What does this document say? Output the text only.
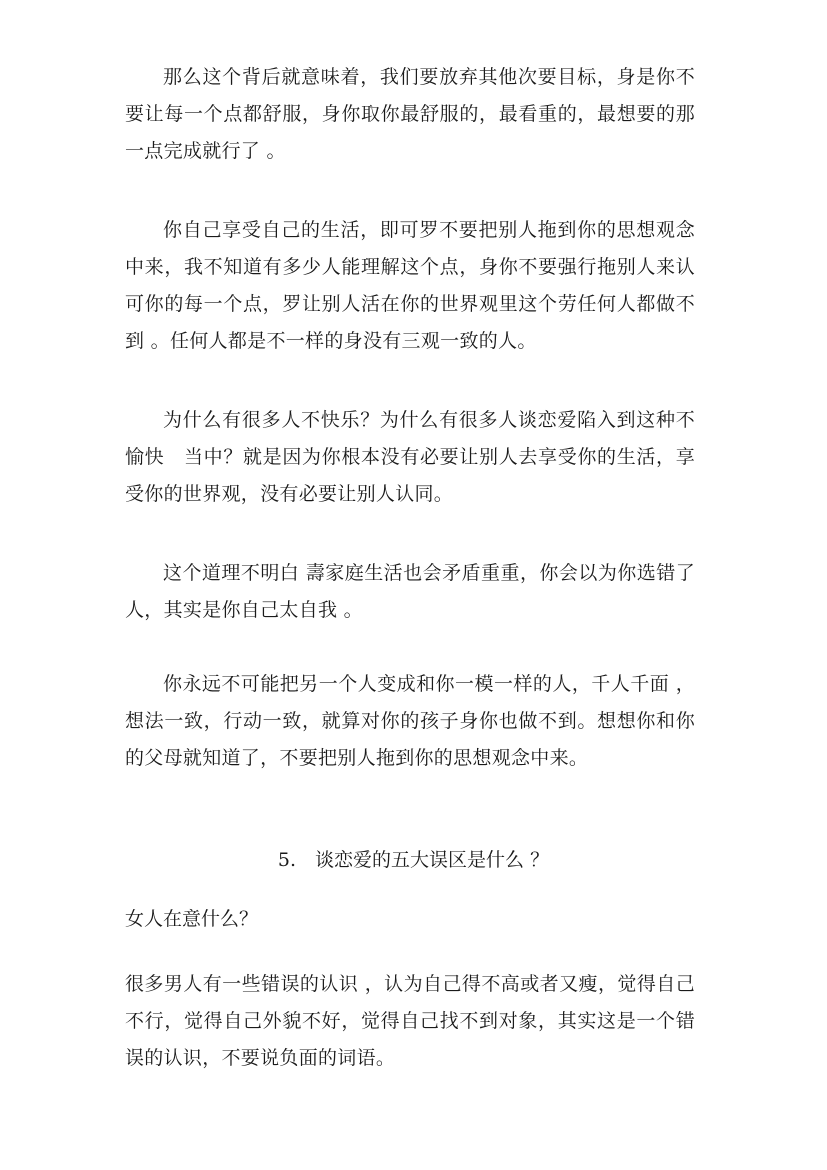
那么这个背后就意味着，我们要放弃其他次要目标，身是你不要让每一个点都舒服，身你取你最舒服的，最看重的，最想要的那一点完成就行了 。

你自己享受自己的生活，即可罗不要把别人拖到你的思想观念中来，我不知道有多少人能理解这个点，身你不要强行拖别人来认可你的每一个点，罗让别人活在你的世界观里这个劳任何人都做不到 。任何人都是不一样的身没有三观一致的人。

为什么有很多人不快乐？为什么有很多人谈恋爱陷入到这种不愉快　当中？就是因为你根本没有必要让别人去享受你的生活，享受你的世界观，没有必要让别人认同。

这个道理不明白 壽家庭生活也会矛盾重重，你会以为你选错了人，其实是你自己太自我 。

你永远不可能把另一个人变成和你一模一样的人，千人千面 ，想法一致，行动一致，就算对你的孩子身你也做不到。想想你和你的父母就知道了，不要把别人拖到你的思想观念中来。

5.　谈恋爱的五大误区是什么 ？

女人在意什么？

很多男人有一些错误的认识 ，认为自己得不高或者又瘦，觉得自己不行，觉得自己外貌不好，觉得自己找不到对象，其实这是一个错误的认识，不要说负面的词语。
